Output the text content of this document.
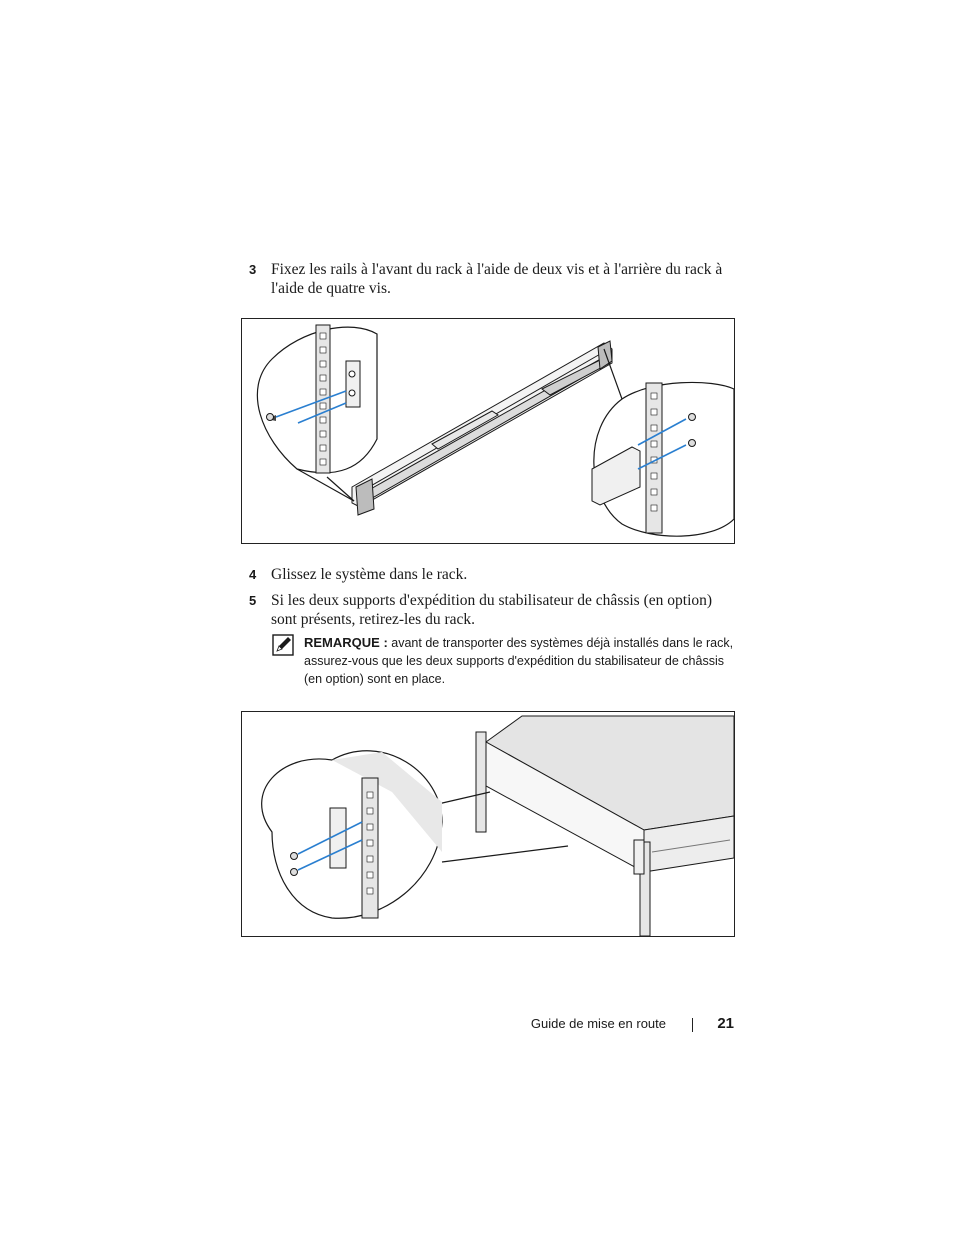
3 Fixez les rails à l'avant du rack à l'aide de deux vis et à l'arrière du rack à l'aide de quatre vis.
4 Glissez le système dans le rack.
5 Si les deux supports d'expédition du stabilisateur de châssis (en option) sont présents, retirez-les du rack.
REMARQUE : avant de transporter des systèmes déjà installés dans le rack, assurez-vous que les deux supports d'expédition du stabilisateur de châssis (en option) sont en place.
Guide de mise en route	21
